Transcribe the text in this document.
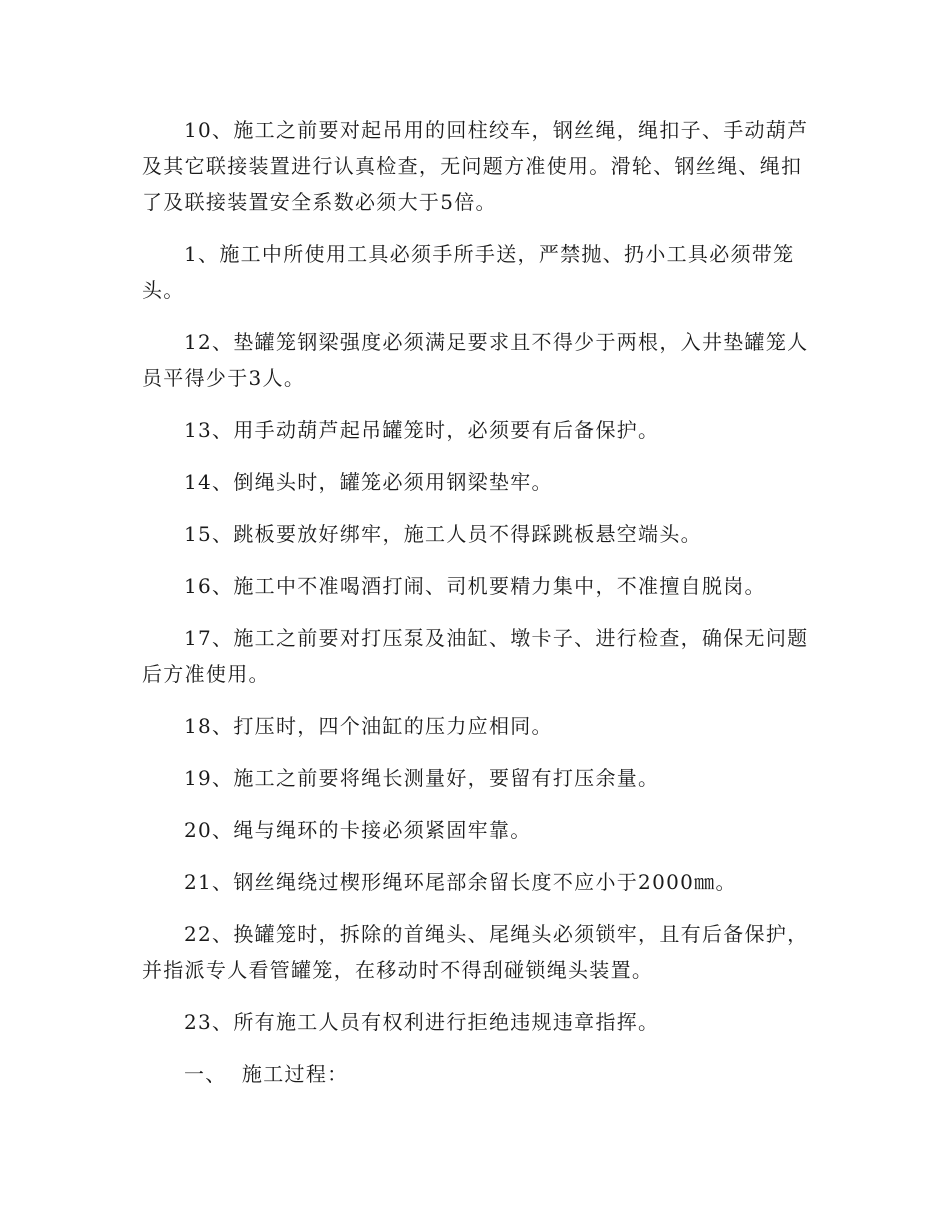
10、施工之前要对起吊用的回柱绞车，钢丝绳，绳扣子、手动葫芦及其它联接装置进行认真检查，无问题方准使用。滑轮、钢丝绳、绳扣了及联接装置安全系数必须大于5倍。

1、施工中所使用工具必须手所手送，严禁抛、扔小工具必须带笼头。

12、垫罐笼钢梁强度必须满足要求且不得少于两根，入井垫罐笼人员平得少于3人。

13、用手动葫芦起吊罐笼时，必须要有后备保护。

14、倒绳头时，罐笼必须用钢梁垫牢。

15、跳板要放好绑牢，施工人员不得踩跳板悬空端头。

16、施工中不准喝酒打闹、司机要精力集中，不准擅自脱岗。

17、施工之前要对打压泵及油缸、墩卡子、进行检查，确保无问题后方准使用。

18、打压时，四个油缸的压力应相同。

19、施工之前要将绳长测量好，要留有打压余量。

20、绳与绳环的卡接必须紧固牢靠。

21、钢丝绳绕过楔形绳环尾部余留长度不应小于2000㎜。

22、换罐笼时，拆除的首绳头、尾绳头必须锁牢，且有后备保护，并指派专人看管罐笼，在移动时不得刮碰锁绳头装置。

23、所有施工人员有权利进行拒绝违规违章指挥。

一、  施工过程：
